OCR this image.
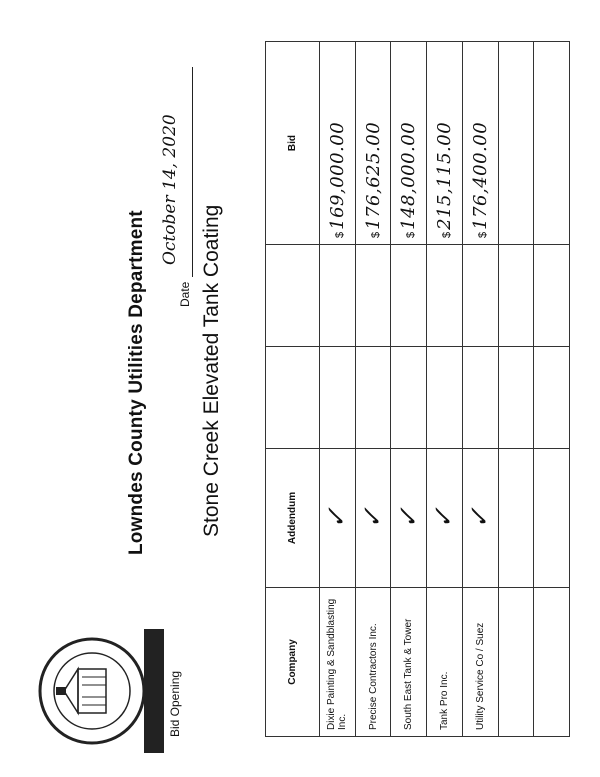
Bid Opening
Lowndes County Utilities Department	Stone Creek Elevated Tank Coating
Date
October 14, 2020
Company	Addendum			Bid
Dixie Painting & Sandblasting Inc.	✓			$169,000.00
Precise Contractors Inc.	✓			$176,625.00
South East Tank & Tower	✓			$148,000.00
Tank Pro Inc.	✓			$215,115.00
Utility Service Co / Suez	✓			$176,400.00
